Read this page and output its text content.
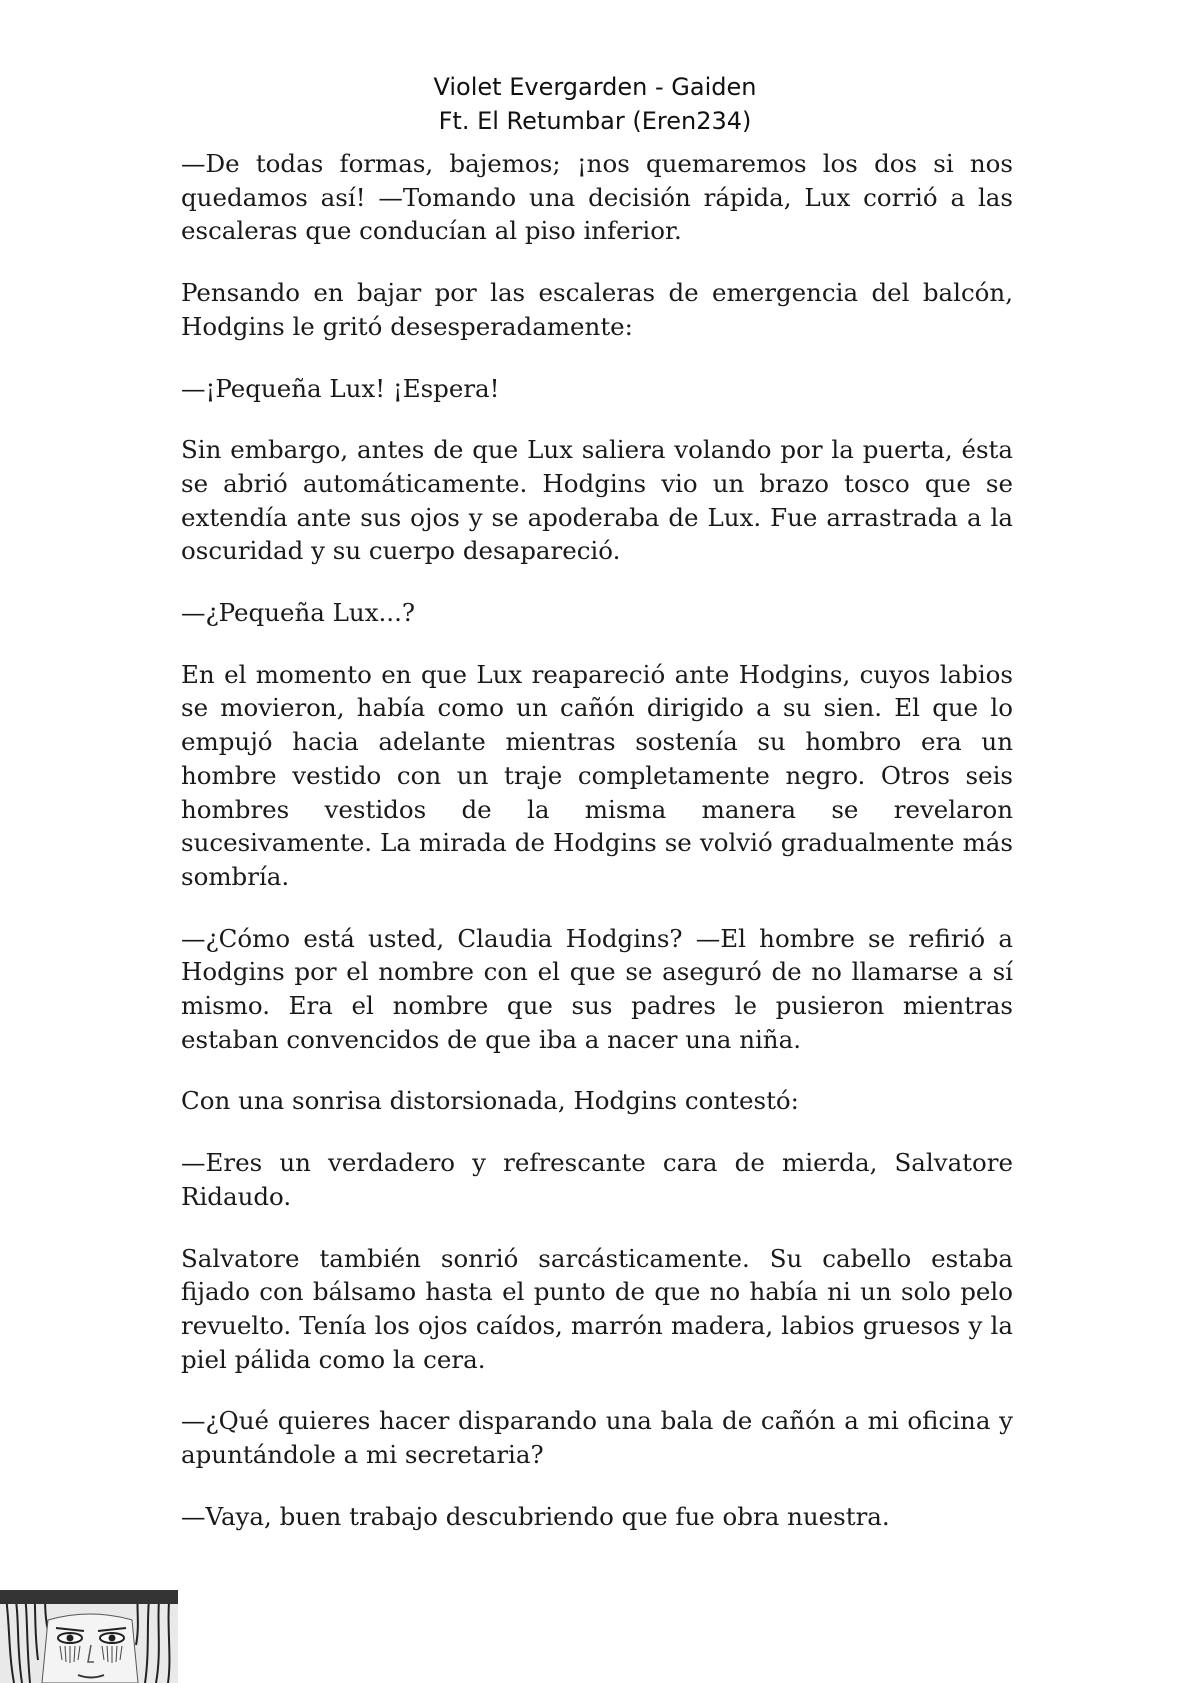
Violet Evergarden - Gaiden
Ft. El Retumbar (Eren234)

—De todas formas, bajemos; ¡nos quemaremos los dos si nos quedamos así! —Tomando una decisión rápida, Lux corrió a las escaleras que conducían al piso inferior.

Pensando en bajar por las escaleras de emergencia del balcón, Hodgins le gritó desesperadamente:

—¡Pequeña Lux! ¡Espera!

Sin embargo, antes de que Lux saliera volando por la puerta, ésta se abrió automáticamente. Hodgins vio un brazo tosco que se extendía ante sus ojos y se apoderaba de Lux. Fue arrastrada a la oscuridad y su cuerpo desapareció.

—¿Pequeña Lux...?

En el momento en que Lux reapareció ante Hodgins, cuyos labios se movieron, había como un cañón dirigido a su sien. El que lo empujó hacia adelante mientras sostenía su hombro era un hombre vestido con un traje completamente negro. Otros seis hombres vestidos de la misma manera se revelaron sucesivamente. La mirada de Hodgins se volvió gradualmente más sombría.

—¿Cómo está usted, Claudia Hodgins? —El hombre se refirió a Hodgins por el nombre con el que se aseguró de no llamarse a sí mismo. Era el nombre que sus padres le pusieron mientras estaban convencidos de que iba a nacer una niña.

Con una sonrisa distorsionada, Hodgins contestó:

—Eres un verdadero y refrescante cara de mierda, Salvatore Ridaudo.

Salvatore también sonrió sarcásticamente. Su cabello estaba fijado con bálsamo hasta el punto de que no había ni un solo pelo revuelto. Tenía los ojos caídos, marrón madera, labios gruesos y la piel pálida como la cera.

—¿Qué quieres hacer disparando una bala de cañón a mi oficina y apuntándole a mi secretaria?

—Vaya, buen trabajo descubriendo que fue obra nuestra.
